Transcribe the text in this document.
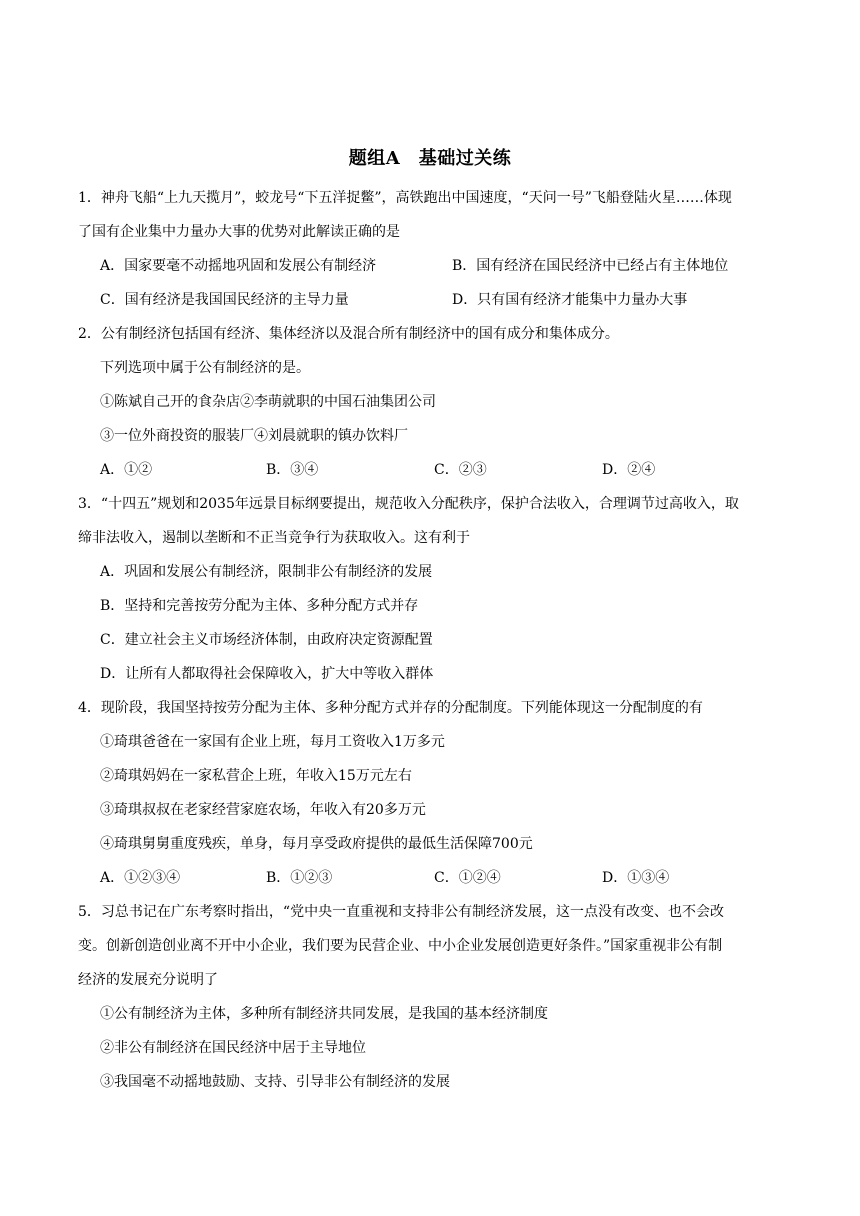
题组A　基础过关练
1．神舟飞船“上九天揽月”，蛟龙号“下五洋捉鳖”，高铁跑出中国速度，“天问一号”飞船登陆火星……体现
了国有企业集中力量办大事的优势对此解读正确的是
A．国家要毫不动摇地巩固和发展公有制经济	B．国有经济在国民经济中已经占有主体地位
C．国有经济是我国国民经济的主导力量	D．只有国有经济才能集中力量办大事
2．公有制经济包括国有经济、集体经济以及混合所有制经济中的国有成分和集体成分。
下列选项中属于公有制经济的是。
①陈斌自己开的食杂店②李萌就职的中国石油集团公司
③一位外商投资的服装厂④刘晨就职的镇办饮料厂
A．①②	B．③④	C．②③	D．②④
3．“十四五”规划和2035年远景目标纲要提出，规范收入分配秩序，保护合法收入，合理调节过高收入，取
缔非法收入，遏制以垄断和不正当竞争行为获取收入。这有利于
A．巩固和发展公有制经济，限制非公有制经济的发展
B．坚持和完善按劳分配为主体、多种分配方式并存
C．建立社会主义市场经济体制，由政府决定资源配置
D．让所有人都取得社会保障收入，扩大中等收入群体
4．现阶段，我国坚持按劳分配为主体、多种分配方式并存的分配制度。下列能体现这一分配制度的有
①琦琪爸爸在一家国有企业上班，每月工资收入1万多元
②琦琪妈妈在一家私营企上班，年收入15万元左右
③琦琪叔叔在老家经营家庭农场，年收入有20多万元
④琦琪舅舅重度残疾，单身，每月享受政府提供的最低生活保障700元
A．①②③④	B．①②③	C．①②④	D．①③④
5．习总书记在广东考察时指出，“党中央一直重视和支持非公有制经济发展，这一点没有改变、也不会改
变。创新创造创业离不开中小企业，我们要为民营企业、中小企业发展创造更好条件。”国家重视非公有制
经济的发展充分说明了
①公有制经济为主体，多种所有制经济共同发展，是我国的基本经济制度
②非公有制经济在国民经济中居于主导地位
③我国毫不动摇地鼓励、支持、引导非公有制经济的发展
